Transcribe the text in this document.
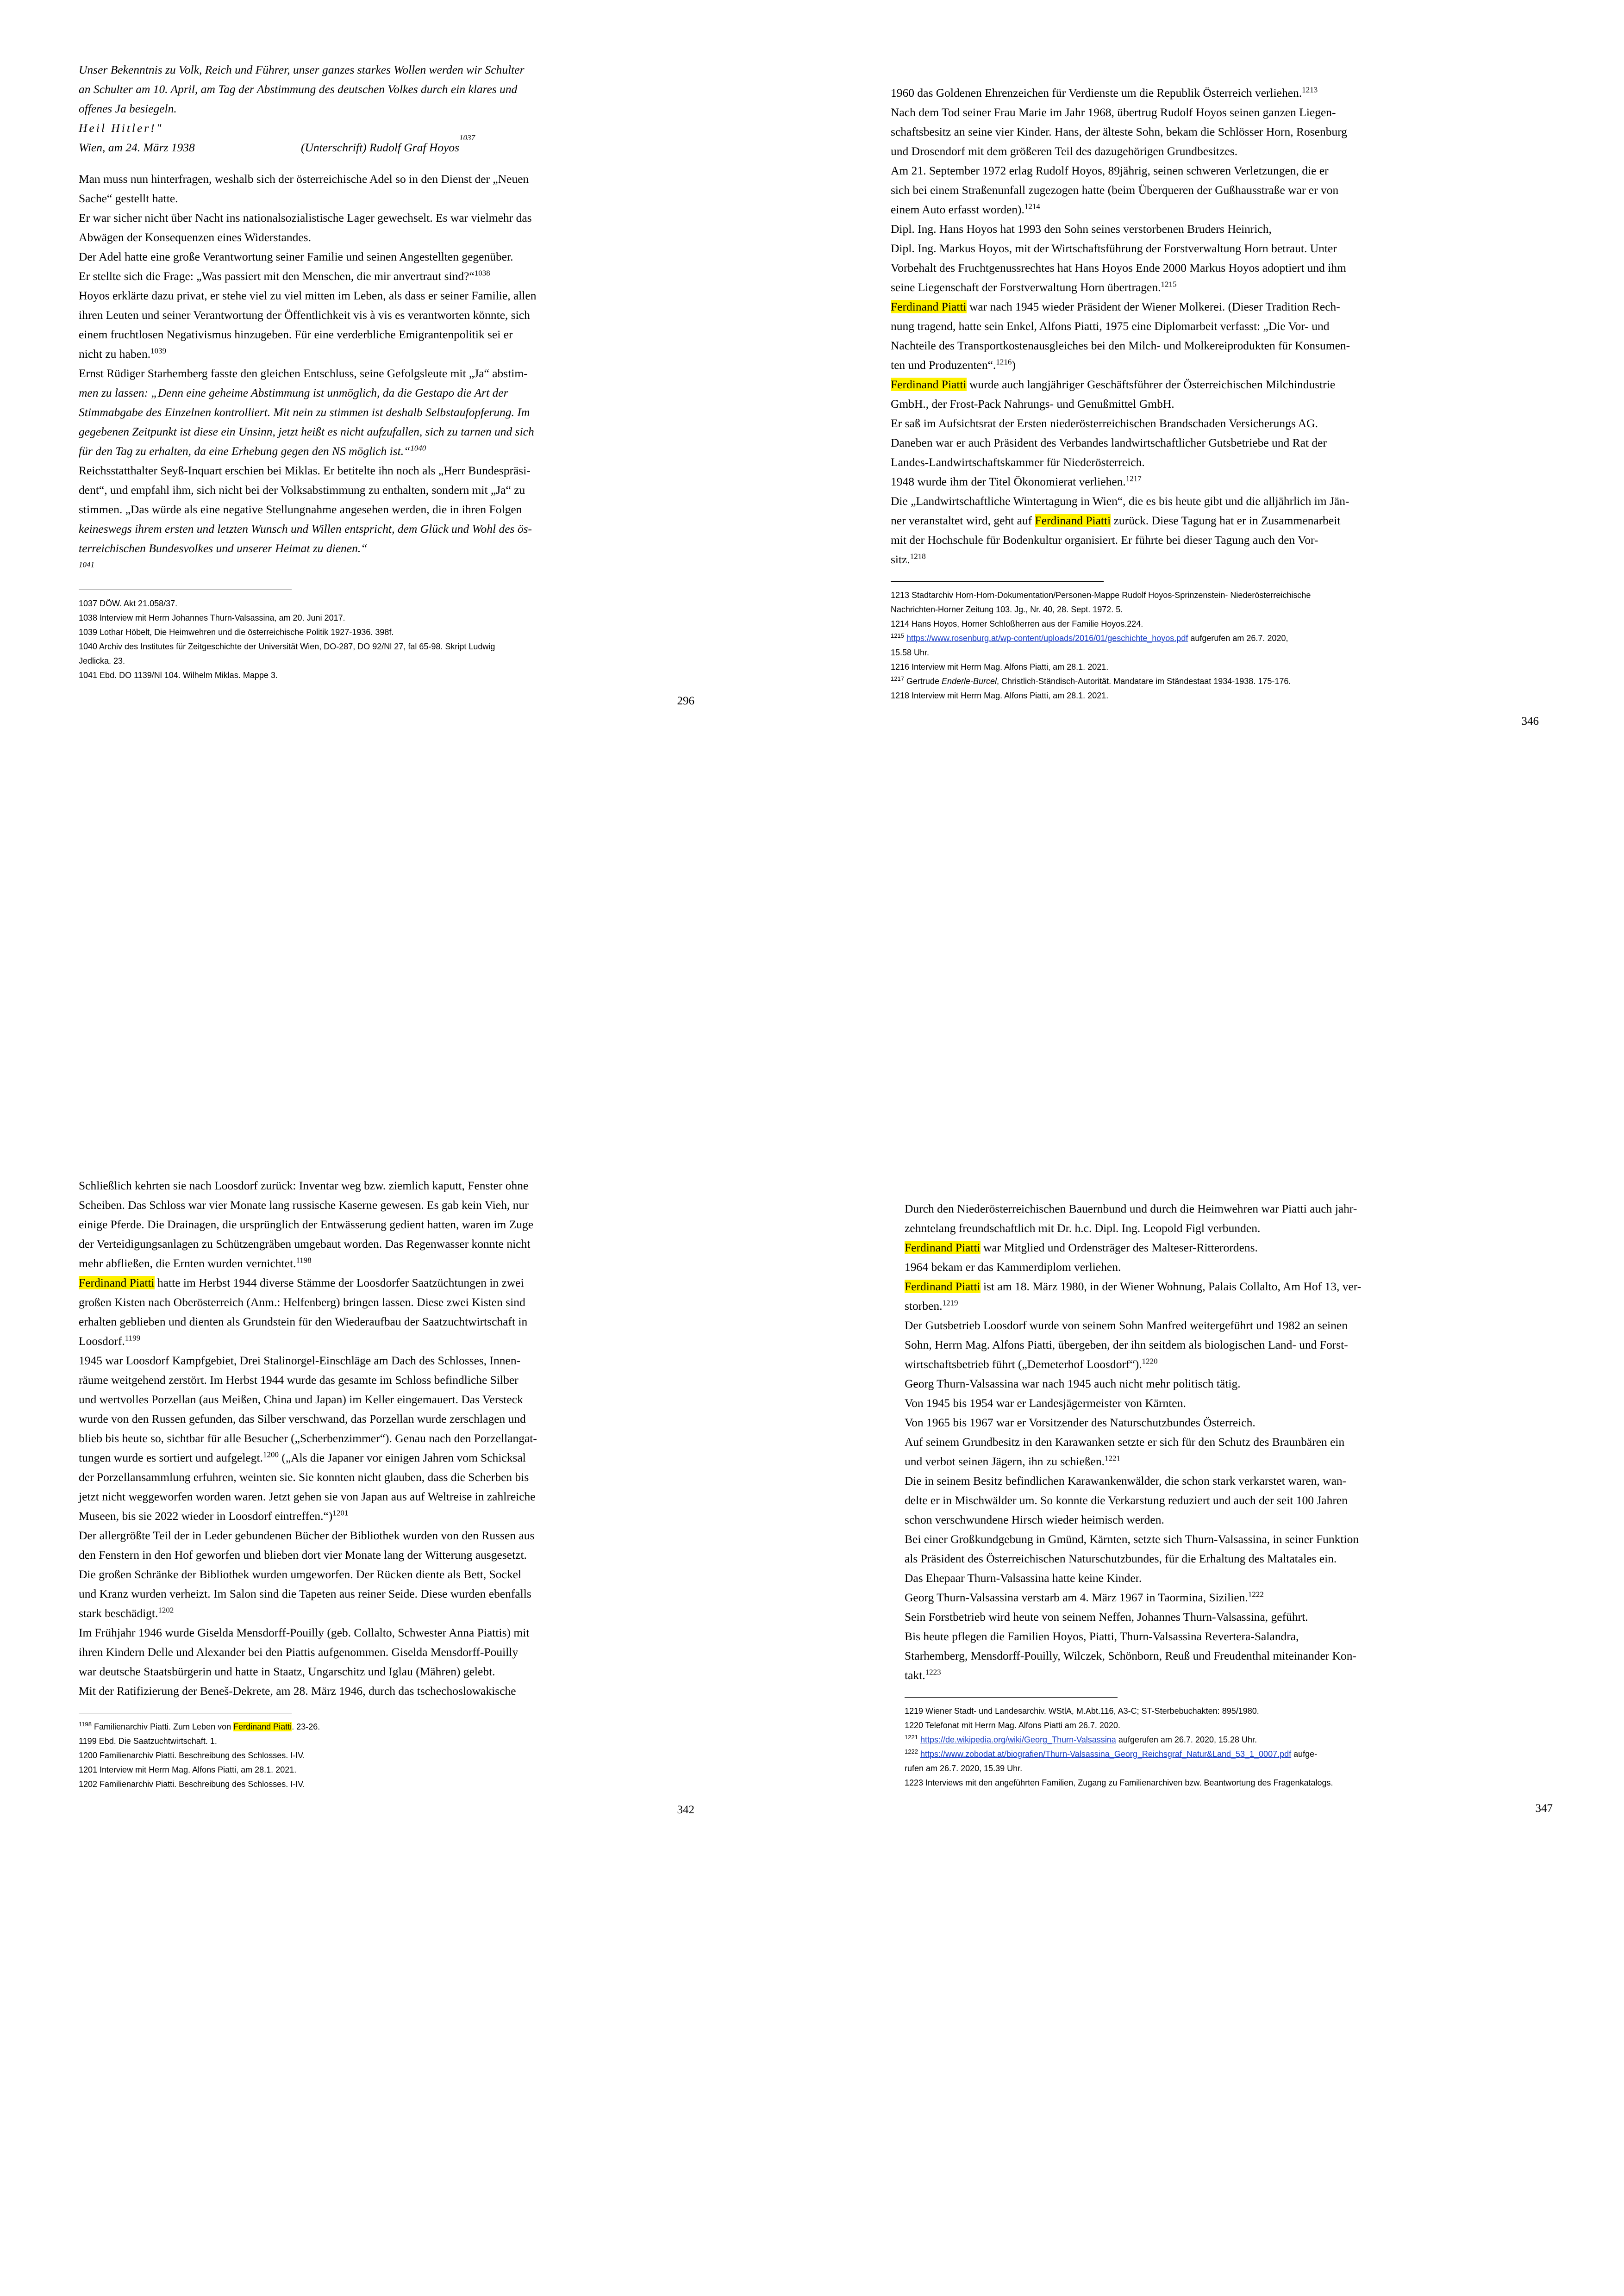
Unser Bekenntnis zu Volk, Reich und Führer, unser ganzes starkes Wollen werden wir Schulter

an Schulter am 10. April, am Tag der Abstimmung des deutschen Volkes durch ein klares und

offenes Ja besiegeln.

Heil Hitler!"

Wien, am 24. März 1938	(Unterschrift) Rudolf Graf Hoyos
1037

Man muss nun hinterfragen, weshalb sich der österreichische Adel so in den Dienst der „Neuen

Sache“ gestellt hatte.

Er war sicher nicht über Nacht ins nationalsozialistische Lager gewechselt. Es war vielmehr das

Abwägen der Konsequenzen eines Widerstandes.

Der Adel hatte eine große Verantwortung seiner Familie und seinen Angestellten gegenüber.

Er stellte sich die Frage: „Was passiert mit den Menschen, die mir anvertraut sind?“$^{1038}$

Hoyos erklärte dazu privat, er stehe viel zu viel mitten im Leben, als dass er seiner Familie, allen

ihren Leuten und seiner Verantwortung der Öffentlichkeit vis à vis es verantworten könnte, sich

einem fruchtlosen Negativismus hinzugeben. Für eine verderbliche Emigrantenpolitik sei er

nicht zu haben.$^{1039}$

Ernst Rüdiger Starhemberg fasste den gleichen Entschluss, seine Gefolgsleute mit „Ja“ abstim-

men zu lassen: „Denn eine geheime Abstimmung ist unmöglich, da die Gestapo die Art der

Stimmabgabe des Einzelnen kontrolliert. Mit nein zu stimmen ist deshalb Selbstaufopferung. Im

gegebenen Zeitpunkt ist diese ein Unsinn, jetzt heißt es nicht aufzufallen, sich zu tarnen und sich

für den Tag zu erhalten, da eine Erhebung gegen den NS möglich ist.“$^{1040}$

Reichsstatthalter Seyß-Inquart erschien bei Miklas. Er betitelte ihn noch als „Herr Bundespräsi-

dent“, und empfahl ihm, sich nicht bei der Volksabstimmung zu enthalten, sondern mit „Ja“ zu

stimmen. „Das würde als eine negative Stellungnahme angesehen werden, die in ihren Folgen

keineswegs ihrem ersten und letzten Wunsch und Willen entspricht, dem Glück und Wohl des ös-

terreichischen Bundesvolkes und unserer Heimat zu dienen.“

$^{1041}$

1037 DÖW. Akt 21.058/37.

1038 Interview mit Herrn Johannes Thurn-Valsassina, am 20. Juni 2017.

1039 Lothar Höbelt, Die Heimwehren und die österreichische Politik 1927-1936. 398f.

1040 Archiv des Institutes für Zeitgeschichte der Universität Wien, DO-287, DO 92/Nl 27, fal 65-98. Skript Ludwig

Jedlicka. 23.

1041 Ebd. DO 1139/Nl 104. Wilhelm Miklas. Mappe 3.

296

1960 das Goldenen Ehrenzeichen für Verdienste um die Republik Österreich verliehen.$^{1213}$

Nach dem Tod seiner Frau Marie im Jahr 1968, übertrug Rudolf Hoyos seinen ganzen Liegen-

schaftsbesitz an seine vier Kinder. Hans, der älteste Sohn, bekam die Schlösser Horn, Rosenburg

und Drosendorf mit dem größeren Teil des dazugehörigen Grundbesitzes.

Am 21. September 1972 erlag Rudolf Hoyos, 89jährig, seinen schweren Verletzungen, die er

sich bei einem Straßenunfall zugezogen hatte (beim Überqueren der Gußhausstraße war er von

einem Auto erfasst worden).$^{1214}$

Dipl. Ing. Hans Hoyos hat 1993 den Sohn seines verstorbenen Bruders Heinrich,

Dipl. Ing. Markus Hoyos, mit der Wirtschaftsführung der Forstverwaltung Horn betraut. Unter

Vorbehalt des Fruchtgenussrechtes hat Hans Hoyos Ende 2000 Markus Hoyos adoptiert und ihm

seine Liegenschaft der Forstverwaltung Horn übertragen.$^{1215}$

Ferdinand Piatti war nach 1945 wieder Präsident der Wiener Molkerei. (Dieser Tradition Rech-

nung tragend, hatte sein Enkel, Alfons Piatti, 1975 eine Diplomarbeit verfasst: „Die Vor- und

Nachteile des Transportkostenausgleiches bei den Milch- und Molkereiprodukten für Konsumen-

ten und Produzenten“.$^{1216}$)

Ferdinand Piatti wurde auch langjähriger Geschäftsführer der Österreichischen Milchindustrie

GmbH., der Frost-Pack Nahrungs- und Genußmittel GmbH.

Er saß im Aufsichtsrat der Ersten niederösterreichischen Brandschaden Versicherungs AG.

Daneben war er auch Präsident des Verbandes landwirtschaftlicher Gutsbetriebe und Rat der

Landes-Landwirtschaftskammer für Niederösterreich.

1948 wurde ihm der Titel Ökonomierat verliehen.$^{1217}$

Die „Landwirtschaftliche Wintertagung in Wien“, die es bis heute gibt und die alljährlich im Jän-

ner veranstaltet wird, geht auf Ferdinand Piatti zurück. Diese Tagung hat er in Zusammenarbeit

mit der Hochschule für Bodenkultur organisiert. Er führte bei dieser Tagung auch den Vor-

sitz.$^{1218}$

1213 Stadtarchiv Horn-Horn-Dokumentation/Personen-Mappe Rudolf Hoyos-Sprinzenstein- Niederösterreichische

Nachrichten-Horner Zeitung 103. Jg., Nr. 40, 28. Sept. 1972. 5.

1214 Hans Hoyos, Horner Schloßherren aus der Familie Hoyos.224.

$^{1215}$ https://www.rosenburg.at/wp-content/uploads/2016/01/geschichte_hoyos.pdf aufgerufen am 26.7. 2020,

15.58 Uhr.

1216 Interview mit Herrn Mag. Alfons Piatti, am 28.1. 2021.

$^{1217}$ Gertrude Enderle-Burcel, Christlich-Ständisch-Autorität. Mandatare im Ständestaat 1934-1938. 175-176.

1218 Interview mit Herrn Mag. Alfons Piatti, am 28.1. 2021.

346

Schließlich kehrten sie nach Loosdorf zurück: Inventar weg bzw. ziemlich kaputt, Fenster ohne

Scheiben. Das Schloss war vier Monate lang russische Kaserne gewesen. Es gab kein Vieh, nur

einige Pferde. Die Drainagen, die ursprünglich der Entwässerung gedient hatten, waren im Zuge

der Verteidigungsanlagen zu Schützengräben umgebaut worden. Das Regenwasser konnte nicht

mehr abfließen, die Ernten wurden vernichtet.$^{1198}$

Ferdinand Piatti hatte im Herbst 1944 diverse Stämme der Loosdorfer Saatzüchtungen in zwei

großen Kisten nach Oberösterreich (Anm.: Helfenberg) bringen lassen. Diese zwei Kisten sind

erhalten geblieben und dienten als Grundstein für den Wiederaufbau der Saatzuchtwirtschaft in

Loosdorf.$^{1199}$

1945 war Loosdorf Kampfgebiet, Drei Stalinorgel-Einschläge am Dach des Schlosses, Innen-

räume weitgehend zerstört. Im Herbst 1944 wurde das gesamte im Schloss befindliche Silber

und wertvolles Porzellan (aus Meißen, China und Japan) im Keller eingemauert. Das Versteck

wurde von den Russen gefunden, das Silber verschwand, das Porzellan wurde zerschlagen und

blieb bis heute so, sichtbar für alle Besucher („Scherbenzimmer“). Genau nach den Porzellangat-

tungen wurde es sortiert und aufgelegt.$^{1200}$ („Als die Japaner vor einigen Jahren vom Schicksal

der Porzellansammlung erfuhren, weinten sie. Sie konnten nicht glauben, dass die Scherben bis

jetzt nicht weggeworfen worden waren. Jetzt gehen sie von Japan aus auf Weltreise in zahlreiche

Museen, bis sie 2022 wieder in Loosdorf eintreffen.“)$^{1201}$

Der allergrößte Teil der in Leder gebundenen Bücher der Bibliothek wurden von den Russen aus

den Fenstern in den Hof geworfen und blieben dort vier Monate lang der Witterung ausgesetzt.

Die großen Schränke der Bibliothek wurden umgeworfen. Der Rücken diente als Bett, Sockel

und Kranz wurden verheizt. Im Salon sind die Tapeten aus reiner Seide. Diese wurden ebenfalls

stark beschädigt.$^{1202}$

Im Frühjahr 1946 wurde Giselda Mensdorff-Pouilly (geb. Collalto, Schwester Anna Piattis) mit

ihren Kindern Delle und Alexander bei den Piattis aufgenommen. Giselda Mensdorff-Pouilly

war deutsche Staatsbürgerin und hatte in Staatz, Ungarschitz und Iglau (Mähren) gelebt.

Mit der Ratifizierung der Beneš-Dekrete, am 28. März 1946, durch das tschechoslowakische

$^{1198}$ Familienarchiv Piatti. Zum Leben von Ferdinand Piatti. 23-26.

1199 Ebd. Die Saatzuchtwirtschaft. 1.

1200 Familienarchiv Piatti. Beschreibung des Schlosses. I-IV.

1201 Interview mit Herrn Mag. Alfons Piatti, am 28.1. 2021.

1202 Familienarchiv Piatti. Beschreibung des Schlosses. I-IV.

342

Durch den Niederösterreichischen Bauernbund und durch die Heimwehren war Piatti auch jahr-

zehntelang freundschaftlich mit Dr. h.c. Dipl. Ing. Leopold Figl verbunden.

Ferdinand Piatti war Mitglied und Ordensträger des Malteser-Ritterordens.

1964 bekam er das Kammerdiplom verliehen.

Ferdinand Piatti ist am 18. März 1980, in der Wiener Wohnung, Palais Collalto, Am Hof 13, ver-

storben.$^{1219}$

Der Gutsbetrieb Loosdorf wurde von seinem Sohn Manfred weitergeführt und 1982 an seinen

Sohn, Herrn Mag. Alfons Piatti, übergeben, der ihn seitdem als biologischen Land- und Forst-

wirtschaftsbetrieb führt („Demeterhof Loosdorf“).$^{1220}$

Georg Thurn-Valsassina war nach 1945 auch nicht mehr politisch tätig.

Von 1945 bis 1954 war er Landesjägermeister von Kärnten.

Von 1965 bis 1967 war er Vorsitzender des Naturschutzbundes Österreich.

Auf seinem Grundbesitz in den Karawanken setzte er sich für den Schutz des Braunbären ein

und verbot seinen Jägern, ihn zu schießen.$^{1221}$

Die in seinem Besitz befindlichen Karawankenwälder, die schon stark verkarstet waren, wan-

delte er in Mischwälder um. So konnte die Verkarstung reduziert und auch der seit 100 Jahren

schon verschwundene Hirsch wieder heimisch werden.

Bei einer Großkundgebung in Gmünd, Kärnten, setzte sich Thurn-Valsassina, in seiner Funktion

als Präsident des Österreichischen Naturschutzbundes, für die Erhaltung des Maltatales ein.

Das Ehepaar Thurn-Valsassina hatte keine Kinder.

Georg Thurn-Valsassina verstarb am 4. März 1967 in Taormina, Sizilien.$^{1222}$

Sein Forstbetrieb wird heute von seinem Neffen, Johannes Thurn-Valsassina, geführt.

Bis heute pflegen die Familien Hoyos, Piatti, Thurn-Valsassina Revertera-Salandra,

Starhemberg, Mensdorff-Pouilly, Wilczek, Schönborn, Reuß und Freudenthal miteinander Kon-

takt.$^{1223}$

1219 Wiener Stadt- und Landesarchiv. WStlA, M.Abt.116, A3-C; ST-Sterbebuchakten: 895/1980.

1220 Telefonat mit Herrn Mag. Alfons Piatti am 26.7. 2020.

$^{1221}$ https://de.wikipedia.org/wiki/Georg_Thurn-Valsassina aufgerufen am 26.7. 2020, 15.28 Uhr.

$^{1222}$ https://www.zobodat.at/biografien/Thurn-Valsassina_Georg_Reichsgraf_Natur&Land_53_1_0007.pdf aufge-

rufen am 26.7. 2020, 15.39 Uhr.

1223 Interviews mit den angeführten Familien, Zugang zu Familienarchiven bzw. Beantwortung des Fragenkatalogs.

347
